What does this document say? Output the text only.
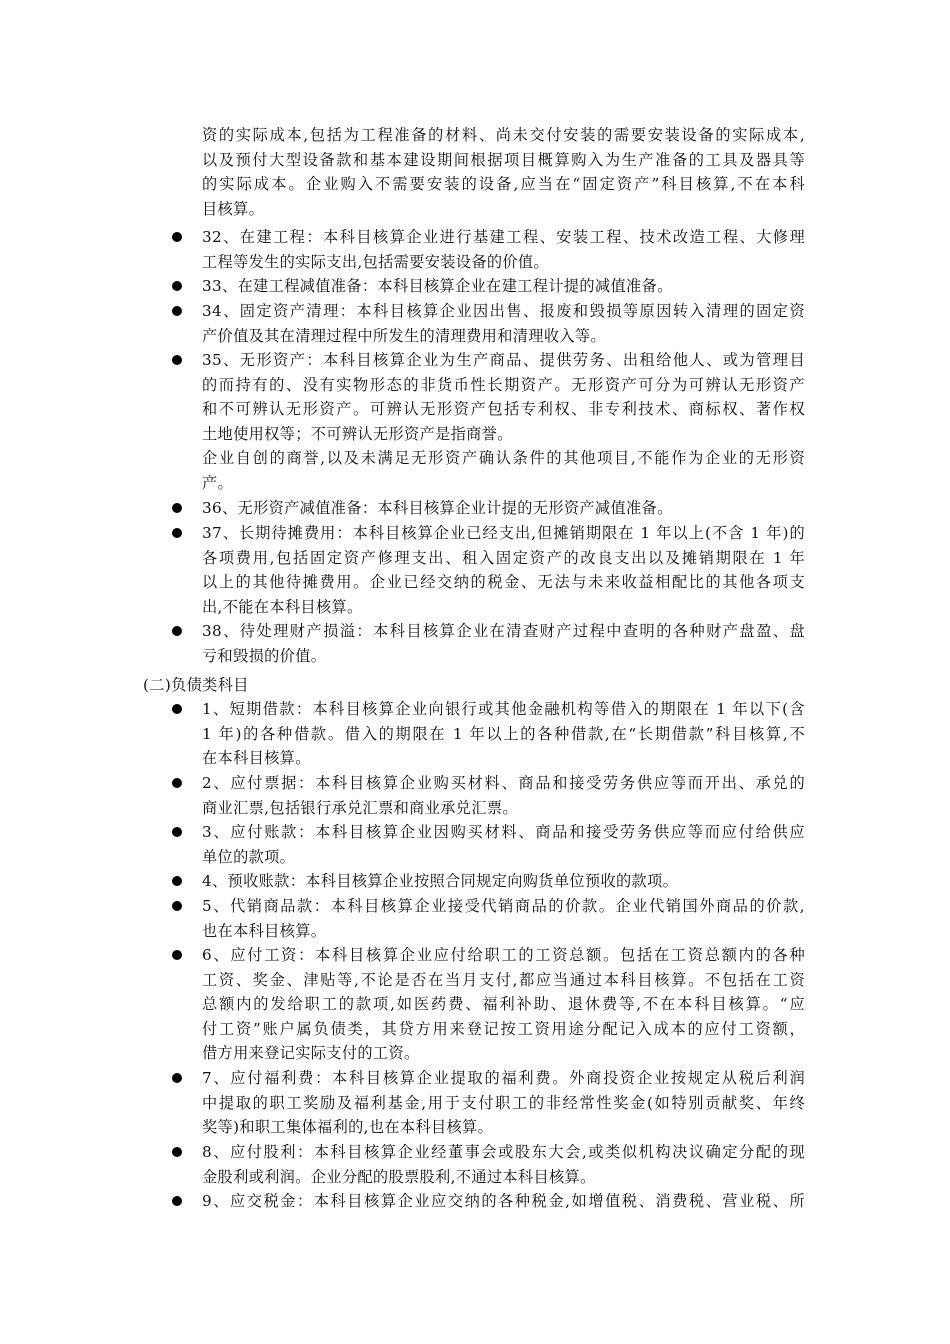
资的实际成本,包括为工程准备的材料、尚未交付安装的需要安装设备的实际成本,
以及预付大型设备款和基本建设期间根据项目概算购入为生产准备的工具及器具等
的实际成本。企业购入不需要安装的设备,应当在“固定资产”科目核算,不在本科
目核算。
32、在建工程：本科目核算企业进行基建工程、安装工程、技术改造工程、大修理
工程等发生的实际支出,包括需要安装设备的价值。
33、在建工程减值准备：本科目核算企业在建工程计提的减值准备。
34、固定资产清理：本科目核算企业因出售、报废和毁损等原因转入清理的固定资
产价值及其在清理过程中所发生的清理费用和清理收入等。
35、无形资产：本科目核算企业为生产商品、提供劳务、出租给他人、或为管理目
的而持有的、没有实物形态的非货币性长期资产。无形资产可分为可辨认无形资产
和不可辨认无形资产。可辨认无形资产包括专利权、非专利技术、商标权、著作权
土地使用权等；不可辨认无形资产是指商誉。
企业自创的商誉,以及未满足无形资产确认条件的其他项目,不能作为企业的无形资
产。
36、无形资产减值准备：本科目核算企业计提的无形资产减值准备。
37、长期待摊费用：本科目核算企业已经支出,但摊销期限在 1 年以上(不含 1 年)的
各项费用,包括固定资产修理支出、租入固定资产的改良支出以及摊销期限在 1 年
以上的其他待摊费用。企业已经交纳的税金、无法与未来收益相配比的其他各项支
出,不能在本科目核算。
38、待处理财产损溢：本科目核算企业在清查财产过程中查明的各种财产盘盈、盘
亏和毁损的价值。
(二)负债类科目
1、短期借款：本科目核算企业向银行或其他金融机构等借入的期限在 1 年以下(含
1 年)的各种借款。借入的期限在 1 年以上的各种借款,在“长期借款”科目核算,不
在本科目核算。
2、应付票据：本科目核算企业购买材料、商品和接受劳务供应等而开出、承兑的
商业汇票,包括银行承兑汇票和商业承兑汇票。
3、应付账款：本科目核算企业因购买材料、商品和接受劳务供应等而应付给供应
单位的款项。
4、预收账款：本科目核算企业按照合同规定向购货单位预收的款项。
5、代销商品款：本科目核算企业接受代销商品的价款。企业代销国外商品的价款,
也在本科目核算。
6、应付工资：本科目核算企业应付给职工的工资总额。包括在工资总额内的各种
工资、奖金、津贴等,不论是否在当月支付,都应当通过本科目核算。不包括在工资
总额内的发给职工的款项,如医药费、福利补助、退休费等,不在本科目核算。“应
付工资”账户属负债类，其贷方用来登记按工资用途分配记入成本的应付工资额，
借方用来登记实际支付的工资。
7、应付福利费：本科目核算企业提取的福利费。外商投资企业按规定从税后利润
中提取的职工奖励及福利基金,用于支付职工的非经常性奖金(如特别贡献奖、年终
奖等)和职工集体福利的,也在本科目核算。
8、应付股利：本科目核算企业经董事会或股东大会,或类似机构决议确定分配的现
金股利或利润。企业分配的股票股利,不通过本科目核算。
9、应交税金：本科目核算企业应交纳的各种税金,如增值税、消费税、营业税、所
